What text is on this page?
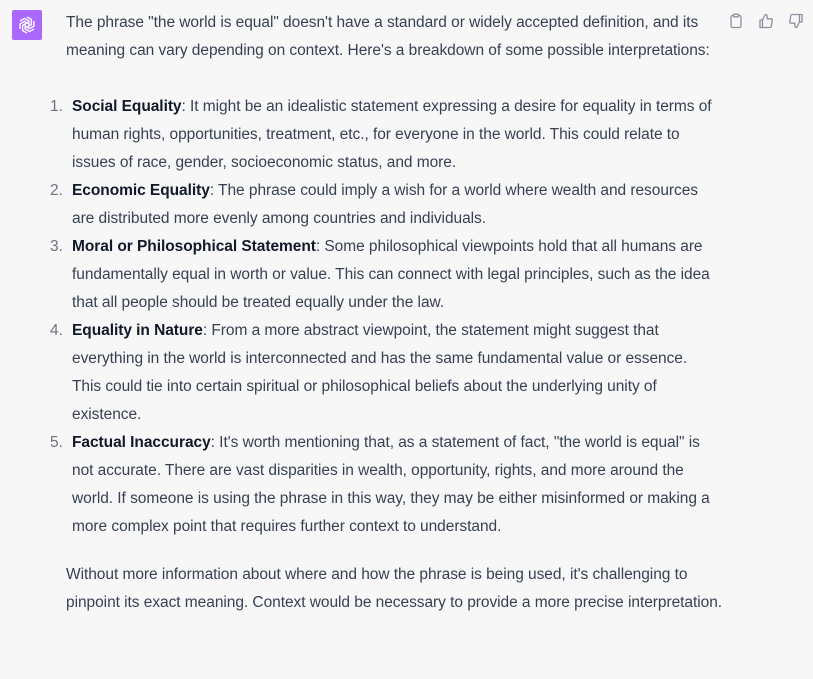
The phrase "the world is equal" doesn't have a standard or widely accepted definition, and its meaning can vary depending on context. Here's a breakdown of some possible interpretations:

1. Social Equality: It might be an idealistic statement expressing a desire for equality in terms of human rights, opportunities, treatment, etc., for everyone in the world. This could relate to issues of race, gender, socioeconomic status, and more.
2. Economic Equality: The phrase could imply a wish for a world where wealth and resources are distributed more evenly among countries and individuals.
3. Moral or Philosophical Statement: Some philosophical viewpoints hold that all humans are fundamentally equal in worth or value. This can connect with legal principles, such as the idea that all people should be treated equally under the law.
4. Equality in Nature: From a more abstract viewpoint, the statement might suggest that everything in the world is interconnected and has the same fundamental value or essence. This could tie into certain spiritual or philosophical beliefs about the underlying unity of existence.
5. Factual Inaccuracy: It's worth mentioning that, as a statement of fact, "the world is equal" is not accurate. There are vast disparities in wealth, opportunity, rights, and more around the world. If someone is using the phrase in this way, they may be either misinformed or making a more complex point that requires further context to understand.

Without more information about where and how the phrase is being used, it's challenging to pinpoint its exact meaning. Context would be necessary to provide a more precise interpretation.
